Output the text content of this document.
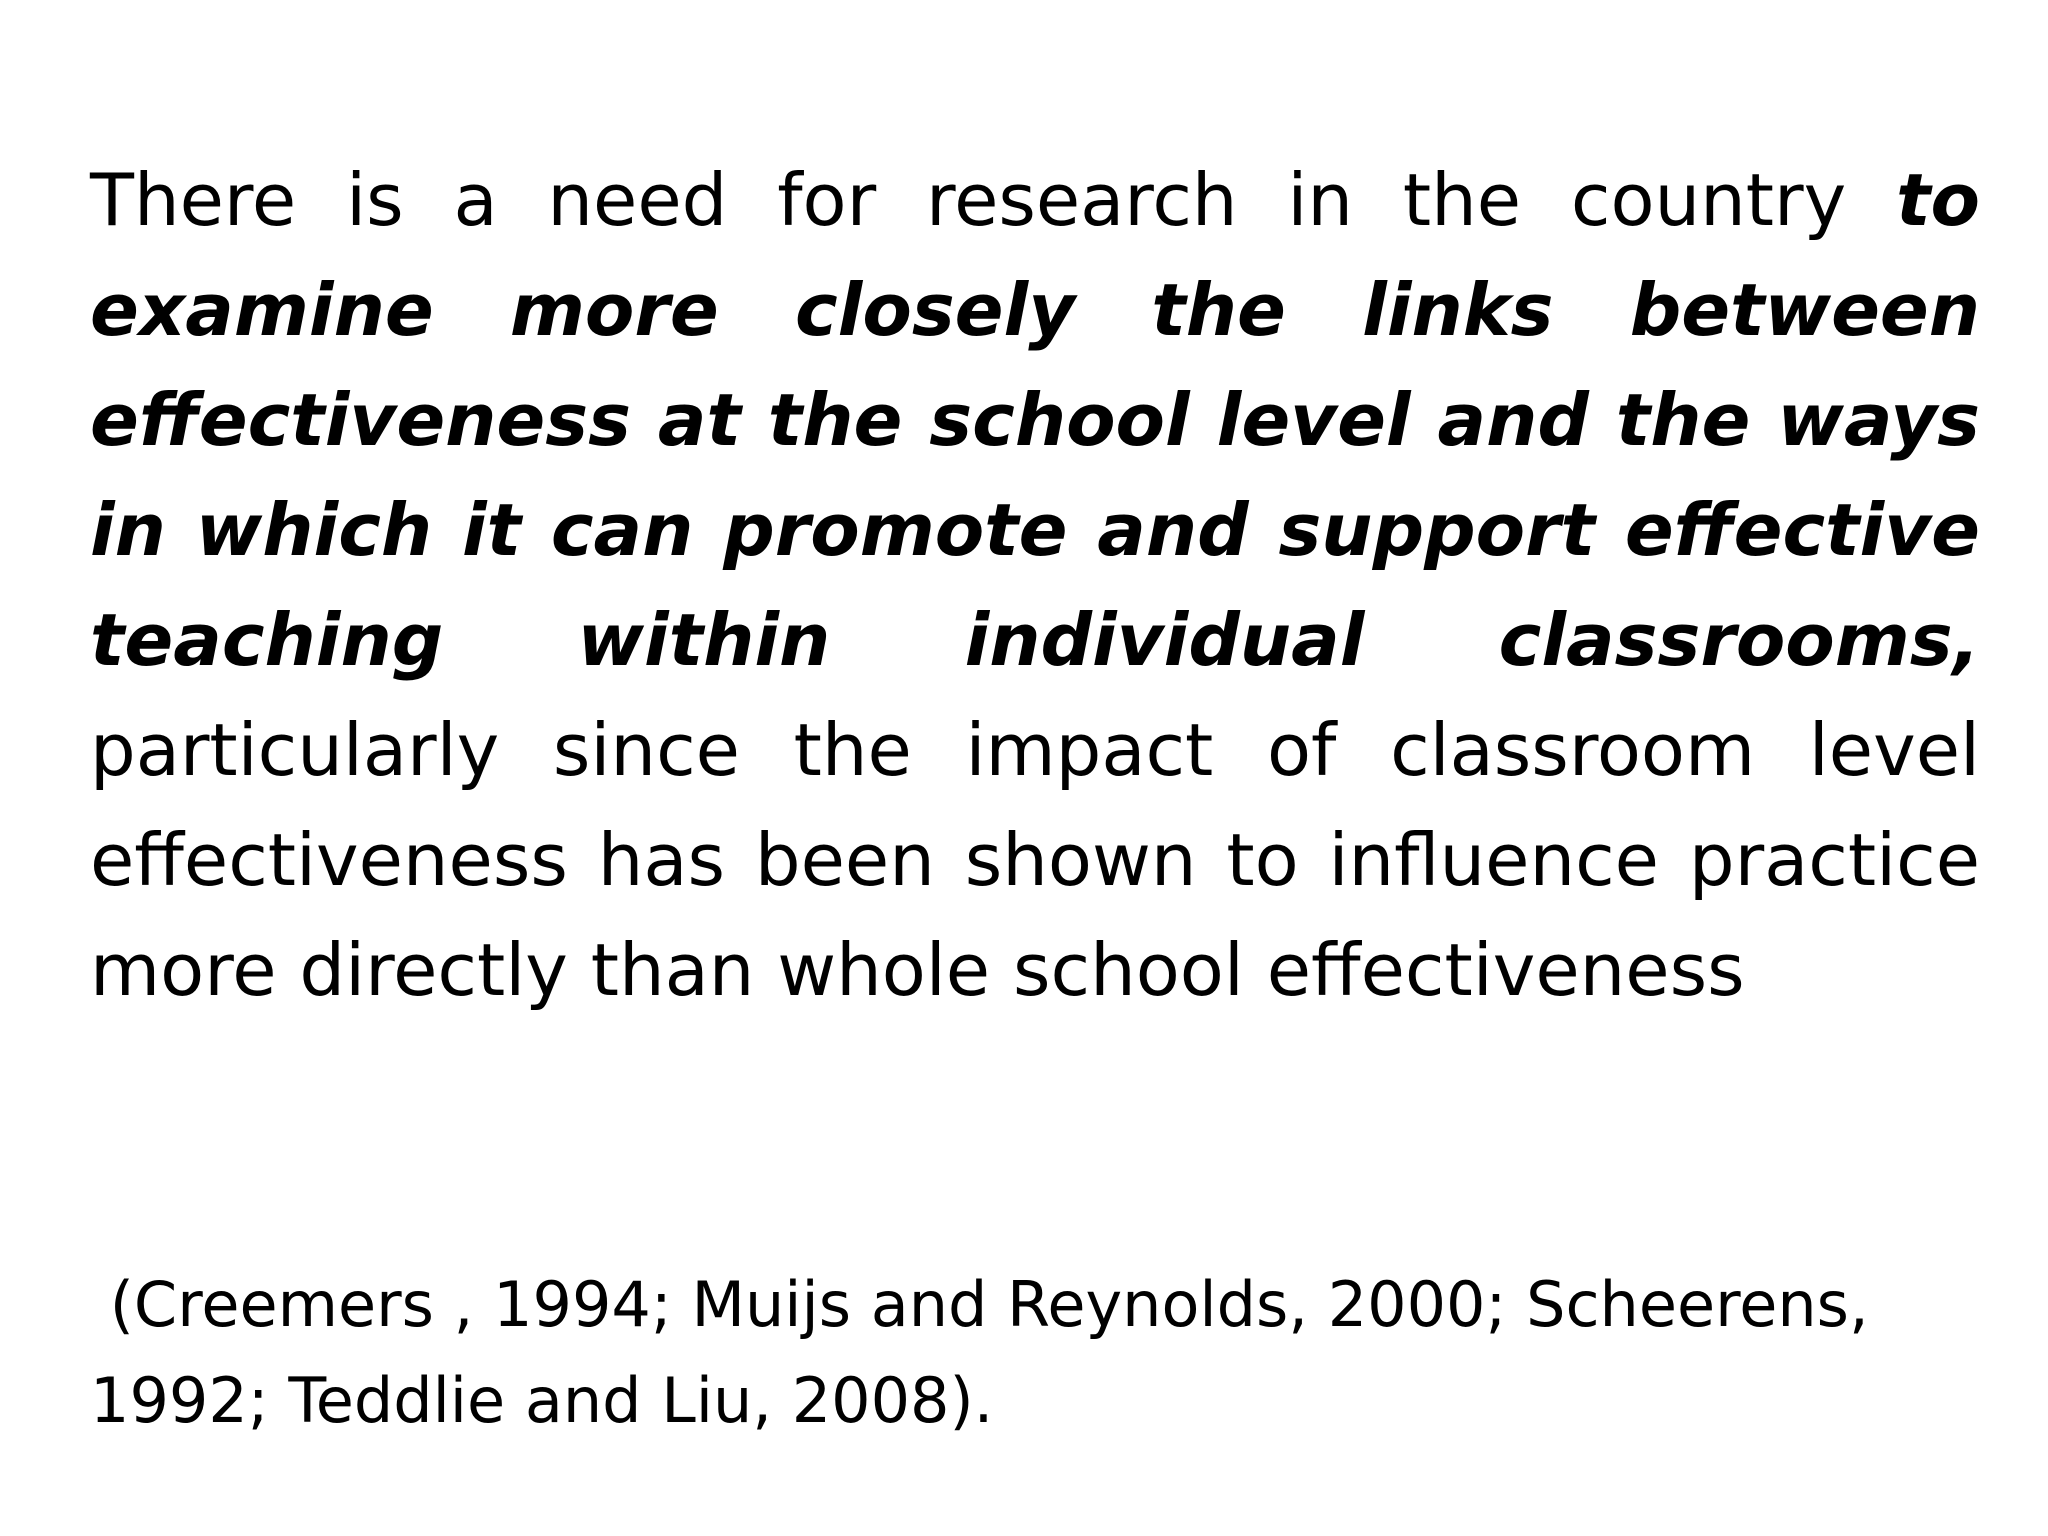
There is a need for research in the country to examine more closely the links between effectiveness at the school level and the ways in which it can promote and support effective teaching within individual classrooms, particularly since the impact of classroom level effectiveness has been shown to influence practice more directly than whole school effectiveness

(Creemers , 1994; Muijs and Reynolds, 2000; Scheerens, 1992; Teddlie and Liu, 2008).
